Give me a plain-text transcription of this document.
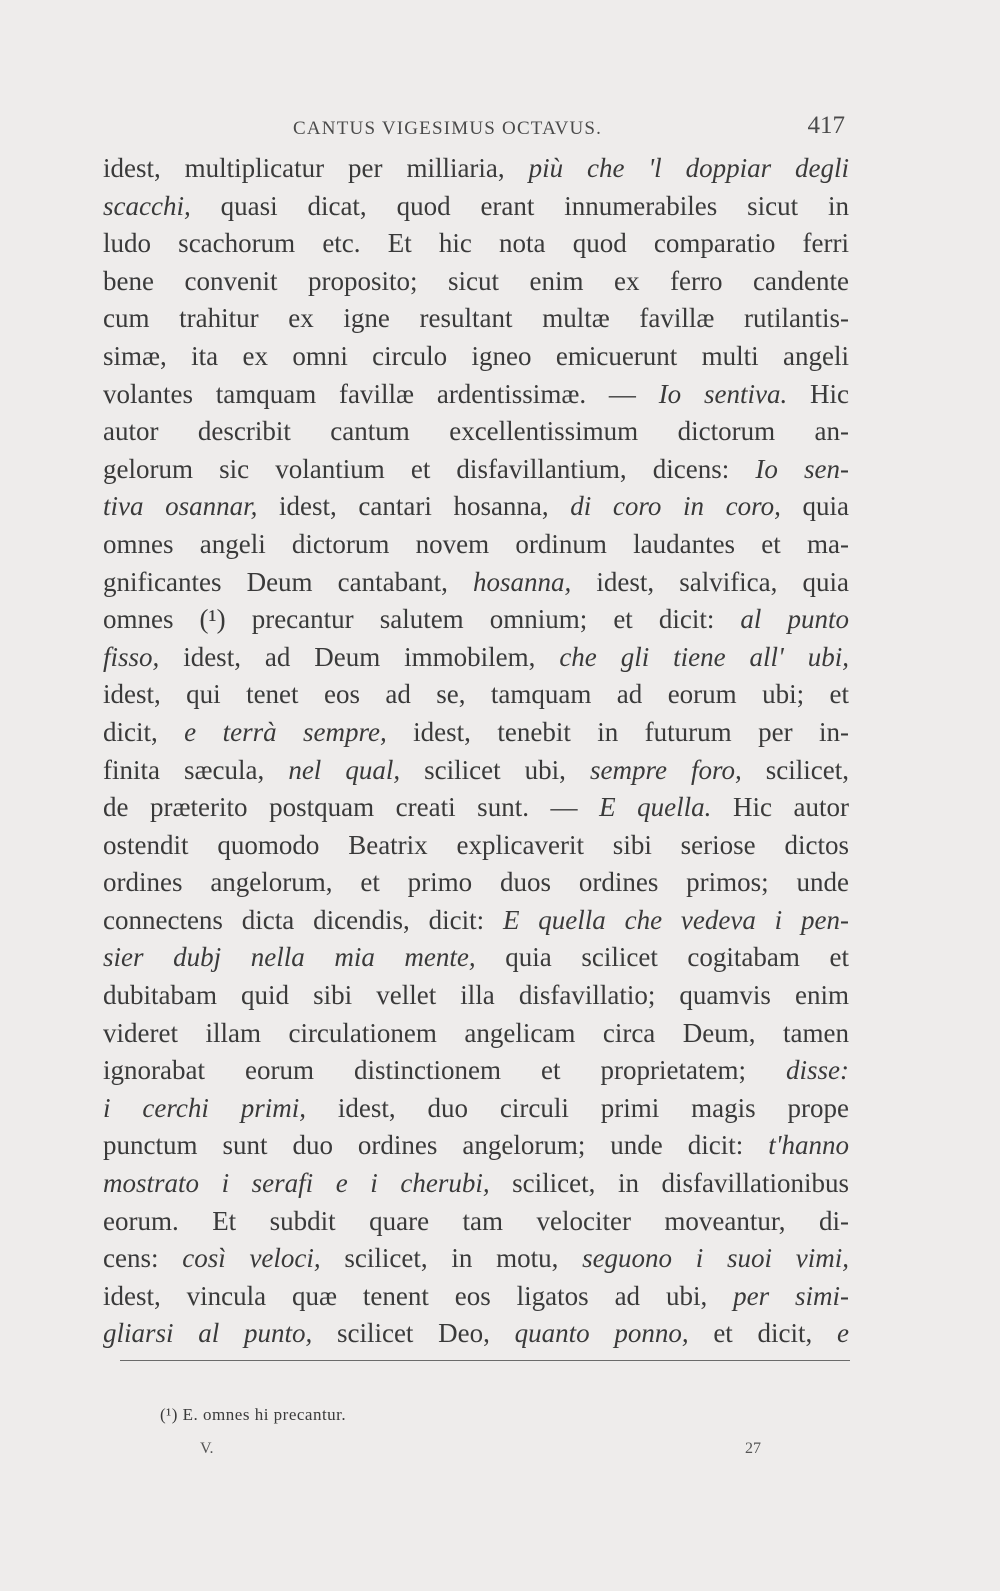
CANTUS VIGESIMUS OCTAVUS.	417
idest, multiplicatur per milliaria, più che 'l doppiar degli
scacchi, quasi dicat, quod erant innumerabiles sicut in
ludo scachorum etc. Et hic nota quod comparatio ferri
bene convenit proposito; sicut enim ex ferro candente
cum trahitur ex igne resultant multæ favillæ rutilantis-
simæ, ita ex omni circulo igneo emicuerunt multi angeli
volantes tamquam favillæ ardentissimæ. — Io sentiva. Hic
autor describit cantum excellentissimum dictorum an-
gelorum sic volantium et disfavillantium, dicens: Io sen-
tiva osannar, idest, cantari hosanna, di coro in coro, quia
omnes angeli dictorum novem ordinum laudantes et ma-
gnificantes Deum cantabant, hosanna, idest, salvifica, quia
omnes (¹) precantur salutem omnium; et dicit: al punto
fisso, idest, ad Deum immobilem, che gli tiene all' ubi,
idest, qui tenet eos ad se, tamquam ad eorum ubi; et
dicit, e terrà sempre, idest, tenebit in futurum per in-
finita sæcula, nel qual, scilicet ubi, sempre foro, scilicet,
de præterito postquam creati sunt. — E quella. Hic autor
ostendit quomodo Beatrix explicaverit sibi seriose dictos
ordines angelorum, et primo duos ordines primos; unde
connectens dicta dicendis, dicit: E quella che vedeva i pen-
sier dubj nella mia mente, quia scilicet cogitabam et
dubitabam quid sibi vellet illa disfavillatio; quamvis enim
videret illam circulationem angelicam circa Deum, tamen
ignorabat eorum distinctionem et proprietatem; disse:
i cerchi primi, idest, duo circuli primi magis prope
punctum sunt duo ordines angelorum; unde dicit: t'hanno
mostrato i serafi e i cherubi, scilicet, in disfavillationibus
eorum. Et subdit quare tam velociter moveantur, di-
cens: così veloci, scilicet, in motu, seguono i suoi vimi,
idest, vincula quæ tenent eos ligatos ad ubi, per simi-
gliarsi al punto, scilicet Deo, quanto ponno, et dicit, e
(¹) E. omnes hi precantur.
V.	27
